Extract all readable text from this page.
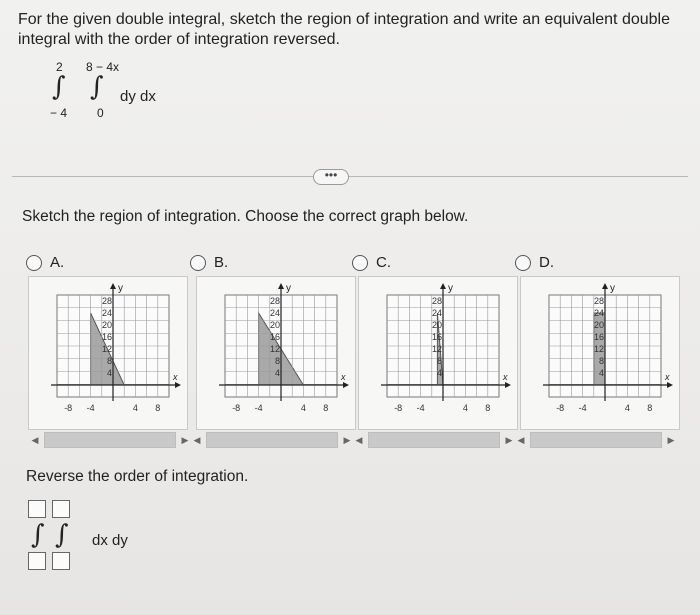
For the given double integral, sketch the region of integration and write an equivalent double
integral with the order of integration reversed.
2
∫
− 4
8 − 4x
∫
0
dy dx
•••
Sketch the region of integration. Choose the correct graph below.
A.	B.	C.	D.
y
x
28
24
20
16
12
8
4
-8 -4	4 8
y
x
28
24
20
16
12
8
4
-8 -4	4 8
y
x
28
24
20
16
12
8
4
-8 -4	4 8
y
x
28
24
20
16
12
8
4
-8 -4	4 8
◀	▶ ◀	▶ ◀	▶ ◀	▶
Reverse the order of integration.
∫ ∫ dx dy
